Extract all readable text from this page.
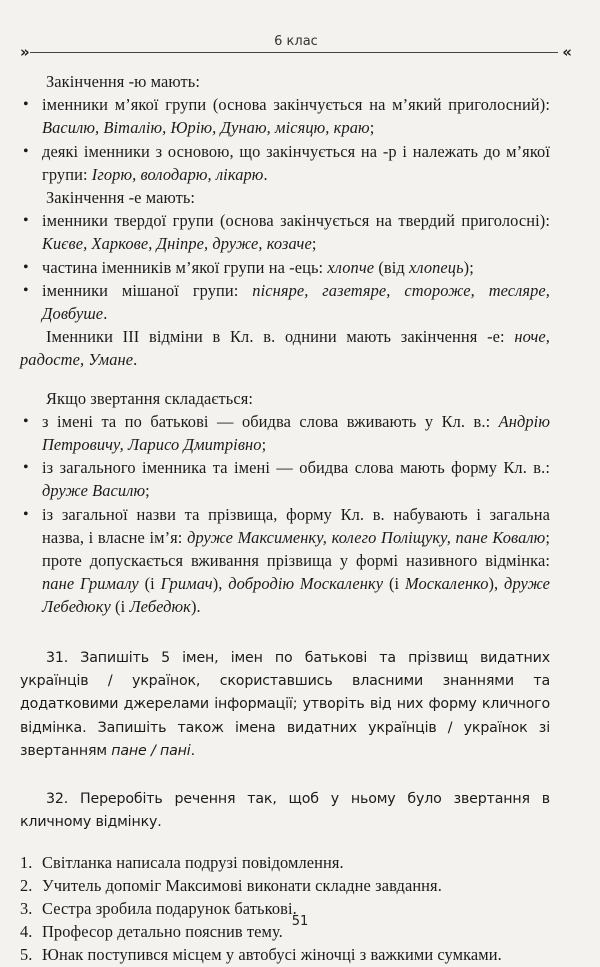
»
6 клас
«

Закінчення -ю мають:

• іменники м’якої групи (основа закінчується на м’який приголосний): Василю, Віталію, Юрію, Дунаю, місяцю, краю;
• деякі іменники з основою, що закінчується на -р і належать до м’якої групи: Ігорю, володарю, лікарю.

Закінчення -е мають:

• іменники твердої групи (основа закінчується на твердий приголосні): Києве, Харкове, Дніпре, друже, козаче;
• частина іменників м’якої групи на -ець: хлопче (від хлопець);
• іменники мішаної групи: пісняре, газетяре, стороже, тесляре, Довбуше.

Іменники III відміни в Кл. в. однини мають закінчення -е: ноче, радосте, Умане.

Якщо звертання складається:

• з імені та по батькові — обидва слова вживають у Кл. в.: Андрію Петровичу, Ларисо Дмитрівно;
• із загального іменника та імені — обидва слова мають форму Кл. в.: друже Василю;
• із загальної назви та прізвища, форму Кл. в. набувають і загальна назва, і власне ім’я: друже Максименку, колего Поліщуку, пане Ковалю; проте допускається вживання прізвища у формі називного відмінка: пане Грималу (і Гримач), добродію Москаленку (і Москаленко), друже Лебедюку (і Лебедюк).

31. Запишіть 5 імен, імен по батькові та прізвищ видатних українців / українок, скориставшись власними знаннями та додатковими джерелами інформації; утворіть від них форму кличного відмінка. Запишіть також імена видатних українців / українок зі звертанням пане / пані.

32. Переробіть речення так, щоб у ньому було звертання в кличному відмінку.

1. Світланка написала подрузі повідомлення.
2. Учитель допоміг Максимові виконати складне завдання.
3. Сестра зробила подарунок батькові.
4. Професор детально пояснив тему.
5. Юнак поступився місцем у автобусі жіночці з важкими сумками.
51
